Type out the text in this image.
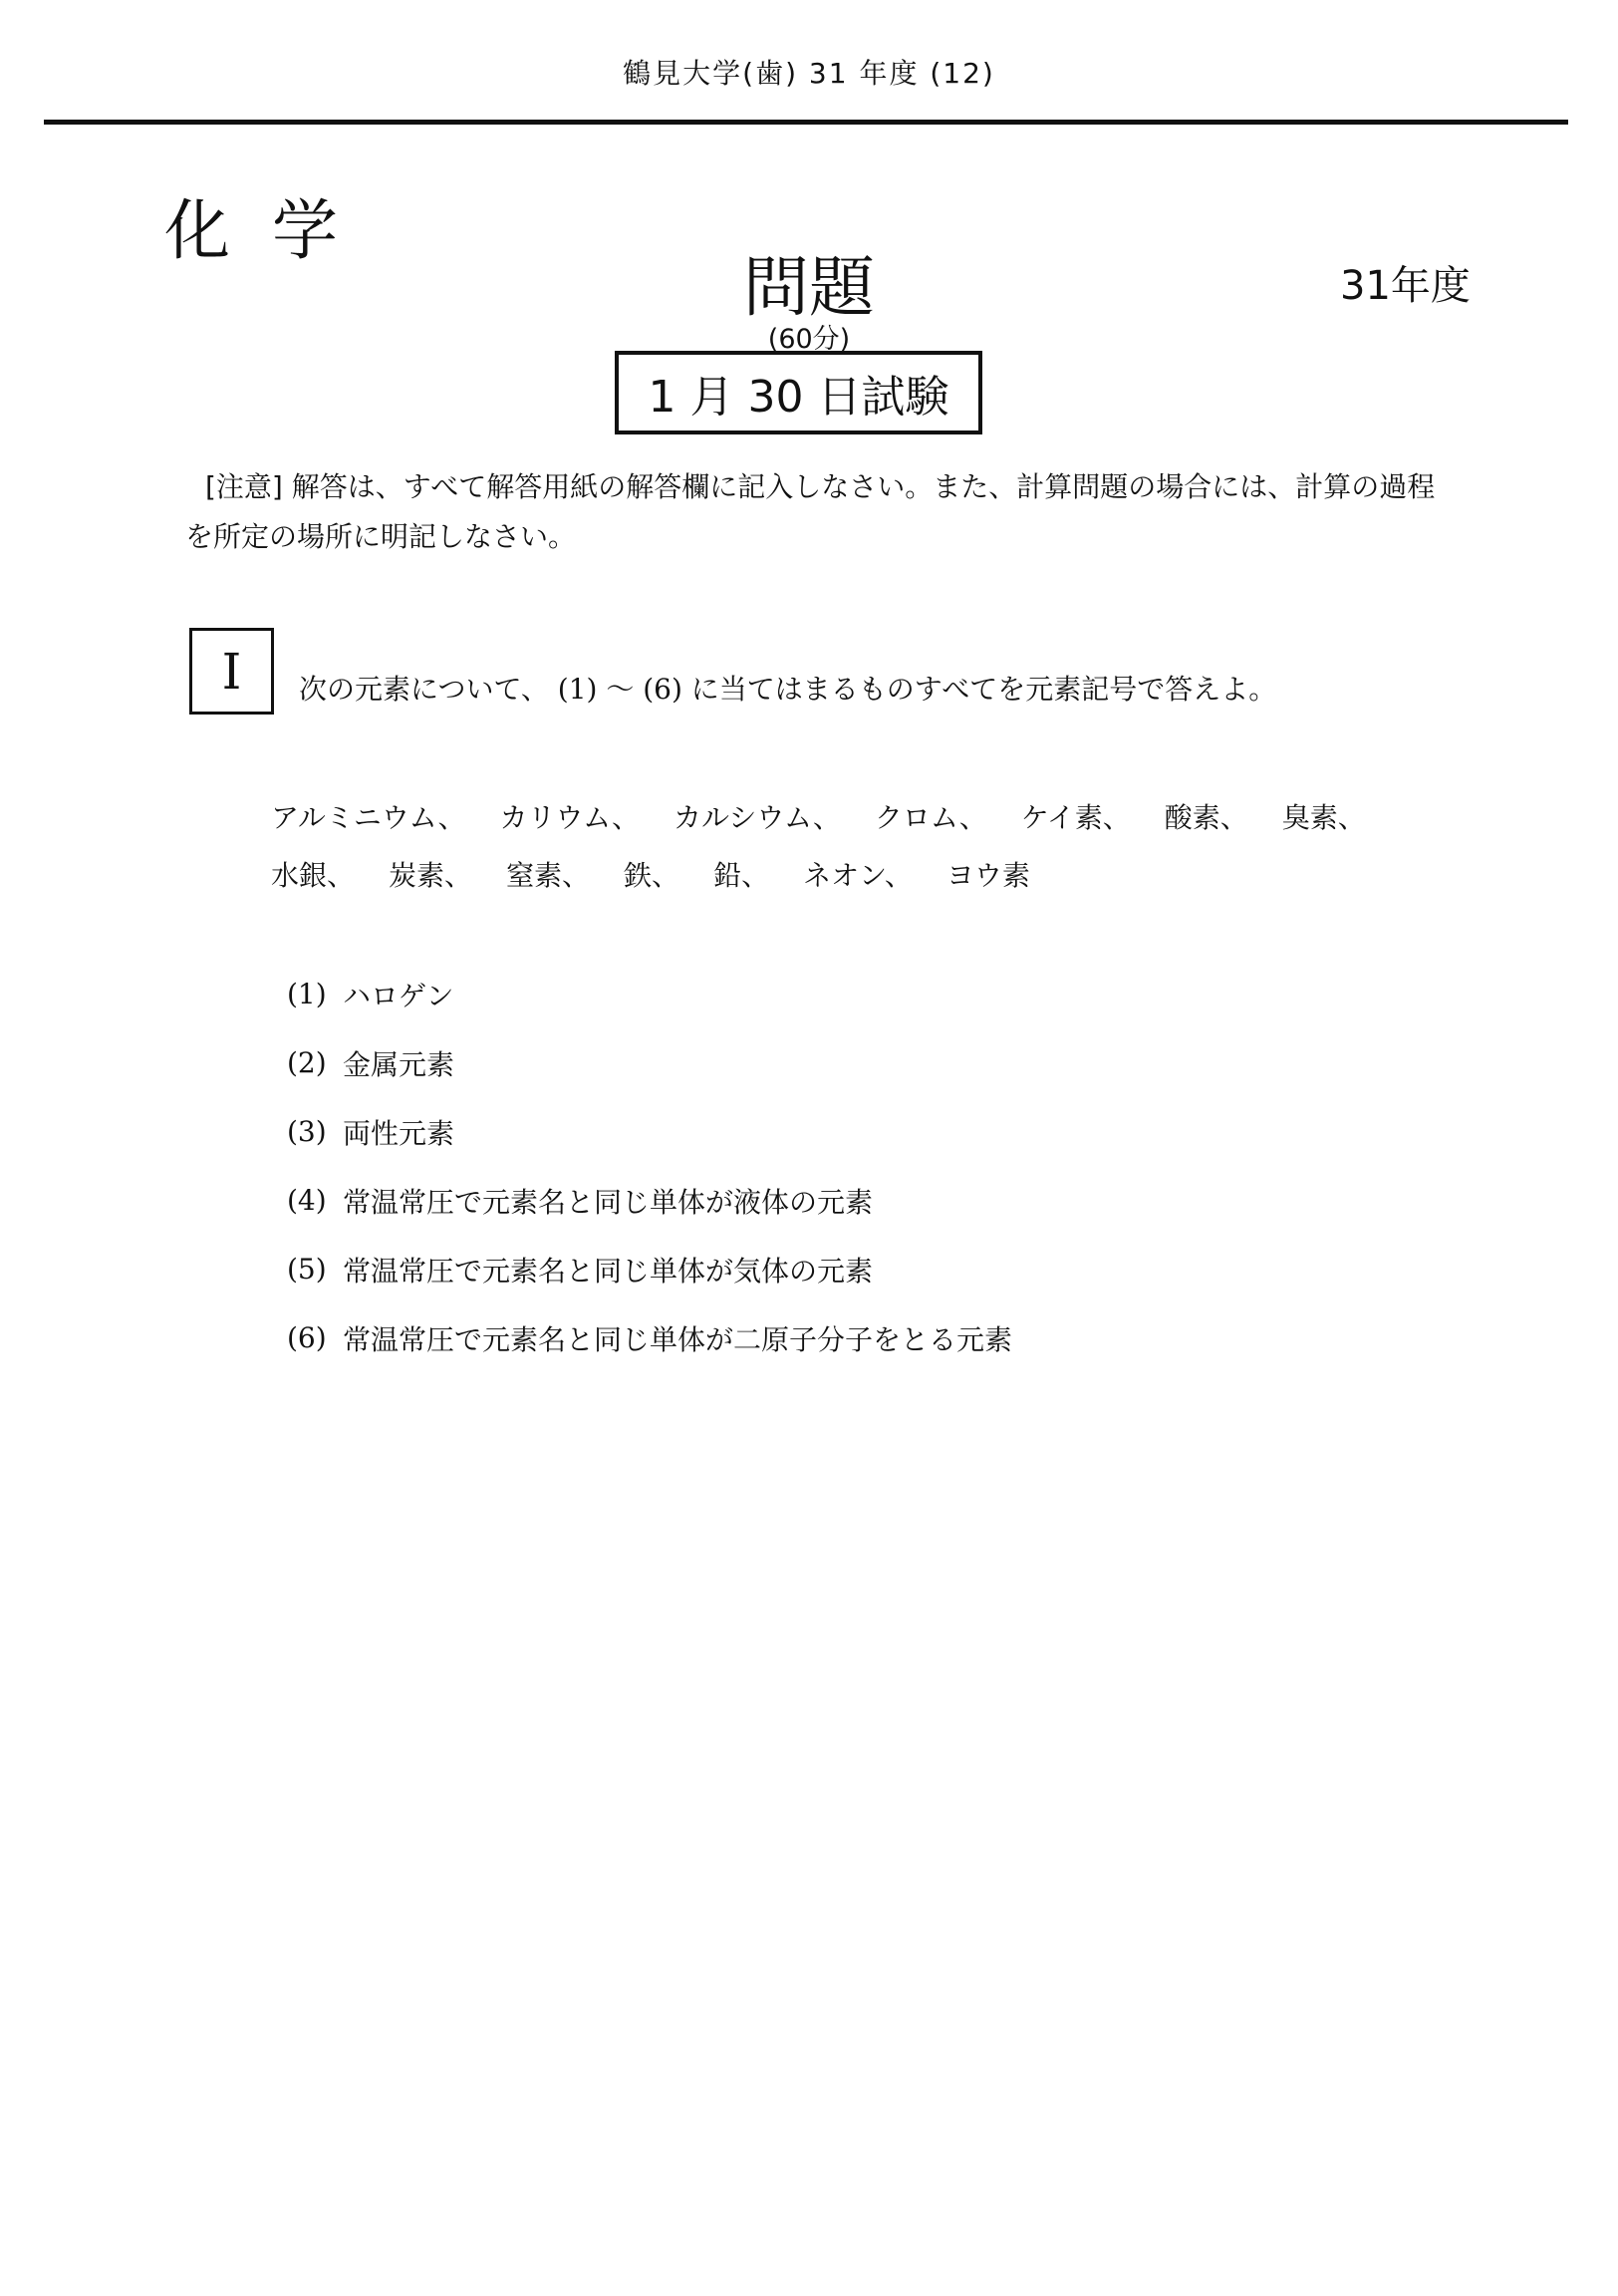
鶴見大学(歯) 31 年度 (12)
化学
問題	31年度
(60分)
1 月 30 日試験
[注意] 解答は、すべて解答用紙の解答欄に記入しなさい。また、計算問題の場合には、計算の過程
を所定の場所に明記しなさい。
I 次の元素について、 (1) 〜 (6) に当てはまるものすべてを元素記号で答えよ。
アルミニウム、 カリウム、 カルシウム、 クロム、 ケイ素、 酸素、 臭素、
水銀、 炭素、 窒素、 鉄、 鉛、 ネオン、 ヨウ素
(1) ハロゲン
(2) 金属元素
(3) 両性元素
(4) 常温常圧で元素名と同じ単体が液体の元素
(5) 常温常圧で元素名と同じ単体が気体の元素
(6) 常温常圧で元素名と同じ単体が二原子分子をとる元素
